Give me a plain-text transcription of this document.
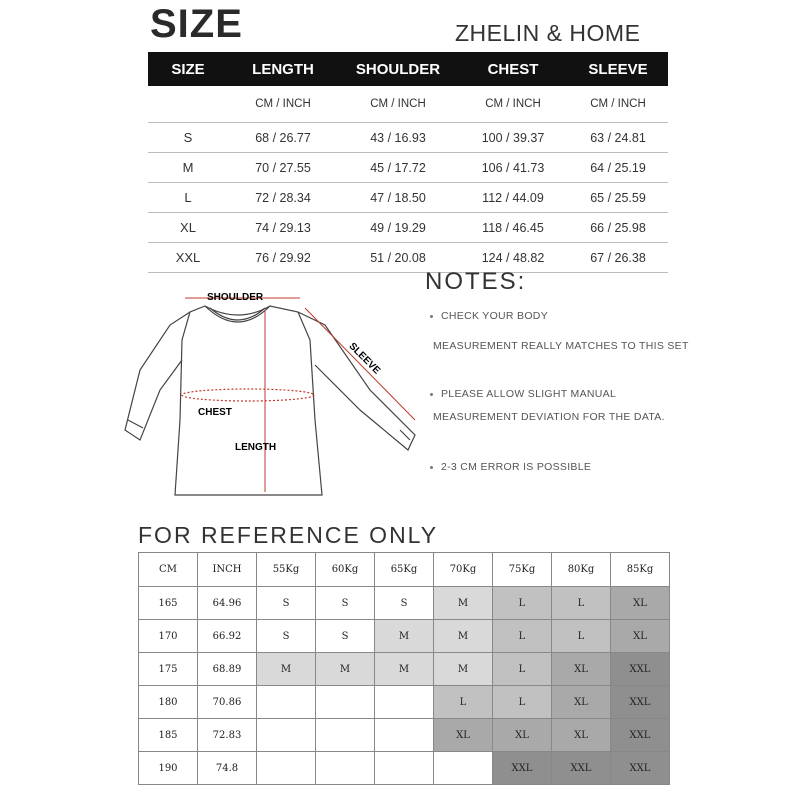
SIZE	ZHELIN & HOME
SIZE	LENGTH	SHOULDER	CHEST	SLEEVE
	CM / INCH	CM / INCH	CM / INCH	CM / INCH
S	68 / 26.77	43 / 16.93	100 / 39.37	63 / 24.81
M	70 / 27.55	45 / 17.72	106 / 41.73	64 / 25.19
L	72 / 28.34	47 / 18.50	112 / 44.09	65 / 25.59
XL	74 / 29.13	49 / 19.29	118 / 46.45	66 / 25.98
XXL	76 / 29.92	51 / 20.08	124 / 48.82	67 / 26.38
SHOULDER
SLEEVE
CHEST
LENGTH
NOTES:
CHECK YOUR BODY
MEASUREMENT REALLY MATCHES TO THIS SET
PLEASE ALLOW SLIGHT MANUAL
MEASUREMENT DEVIATION FOR THE DATA.
2-3 CM ERROR IS POSSIBLE
FOR REFERENCE ONLY
CM	INCH	55Kg	60Kg	65Kg	70Kg	75Kg	80Kg	85Kg
165	64.96	S	S	S	M	L	L	XL
170	66.92	S	S	M	M	L	L	XL
175	68.89	M	M	M	M	L	XL	XXL
180	70.86				L	L	XL	XXL
185	72.83				XL	XL	XL	XXL
190	74.8					XXL	XXL	XXL
